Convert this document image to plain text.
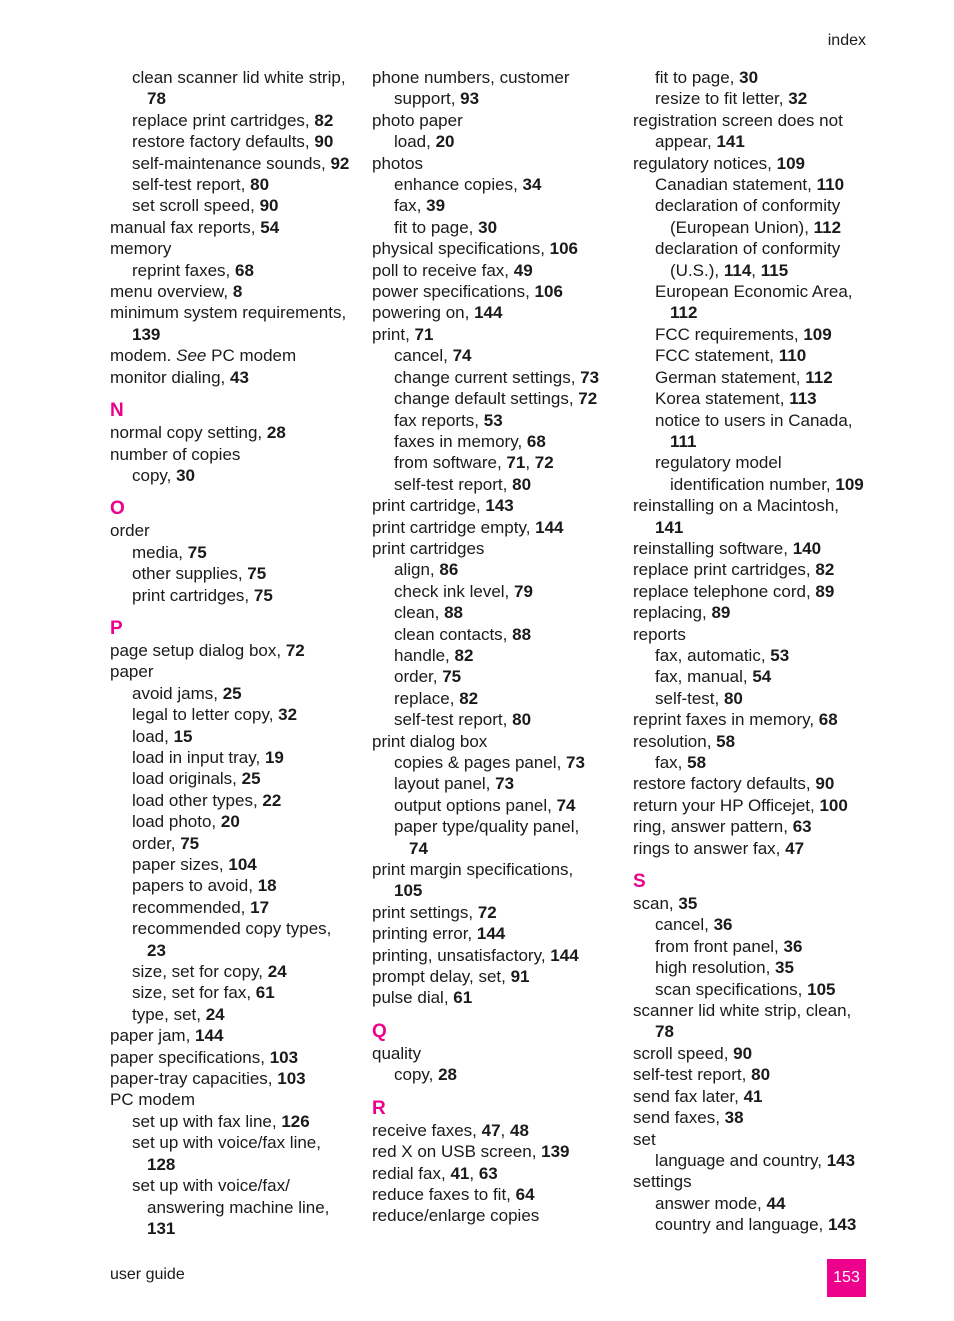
index
clean scanner lid white strip,
78
replace print cartridges, 82
restore factory defaults, 90
self-maintenance sounds, 92
self-test report, 80
set scroll speed, 90
manual fax reports, 54
memory
reprint faxes, 68
menu overview, 8
minimum system requirements,
139
modem. See PC modem
monitor dialing, 43
N
normal copy setting, 28
number of copies
copy, 30
O
order
media, 75
other supplies, 75
print cartridges, 75
P
page setup dialog box, 72
paper
avoid jams, 25
legal to letter copy, 32
load, 15
load in input tray, 19
load originals, 25
load other types, 22
load photo, 20
order, 75
paper sizes, 104
papers to avoid, 18
recommended, 17
recommended copy types,
23
size, set for copy, 24
size, set for fax, 61
type, set, 24
paper jam, 144
paper specifications, 103
paper-tray capacities, 103
PC modem
set up with fax line, 126
set up with voice/fax line,
128
set up with voice/fax/
answering machine line,
131
phone numbers, customer
support, 93
photo paper
load, 20
photos
enhance copies, 34
fax, 39
fit to page, 30
physical specifications, 106
poll to receive fax, 49
power specifications, 106
powering on, 144
print, 71
cancel, 74
change current settings, 73
change default settings, 72
fax reports, 53
faxes in memory, 68
from software, 71, 72
self-test report, 80
print cartridge, 143
print cartridge empty, 144
print cartridges
align, 86
check ink level, 79
clean, 88
clean contacts, 88
handle, 82
order, 75
replace, 82
self-test report, 80
print dialog box
copies & pages panel, 73
layout panel, 73
output options panel, 74
paper type/quality panel,
74
print margin specifications,
105
print settings, 72
printing error, 144
printing, unsatisfactory, 144
prompt delay, set, 91
pulse dial, 61
Q
quality
copy, 28
R
receive faxes, 47, 48
red X on USB screen, 139
redial fax, 41, 63
reduce faxes to fit, 64
reduce/enlarge copies
fit to page, 30
resize to fit letter, 32
registration screen does not
appear, 141
regulatory notices, 109
Canadian statement, 110
declaration of conformity
(European Union), 112
declaration of conformity
(U.S.), 114, 115
European Economic Area,
112
FCC requirements, 109
FCC statement, 110
German statement, 112
Korea statement, 113
notice to users in Canada,
111
regulatory model
identification number, 109
reinstalling on a Macintosh,
141
reinstalling software, 140
replace print cartridges, 82
replace telephone cord, 89
replacing, 89
reports
fax, automatic, 53
fax, manual, 54
self-test, 80
reprint faxes in memory, 68
resolution, 58
fax, 58
restore factory defaults, 90
return your HP Officejet, 100
ring, answer pattern, 63
rings to answer fax, 47
S
scan, 35
cancel, 36
from front panel, 36
high resolution, 35
scan specifications, 105
scanner lid white strip, clean,
78
scroll speed, 90
self-test report, 80
send fax later, 41
send faxes, 38
set
language and country, 143
settings
answer mode, 44
country and language, 143
user guide	153
